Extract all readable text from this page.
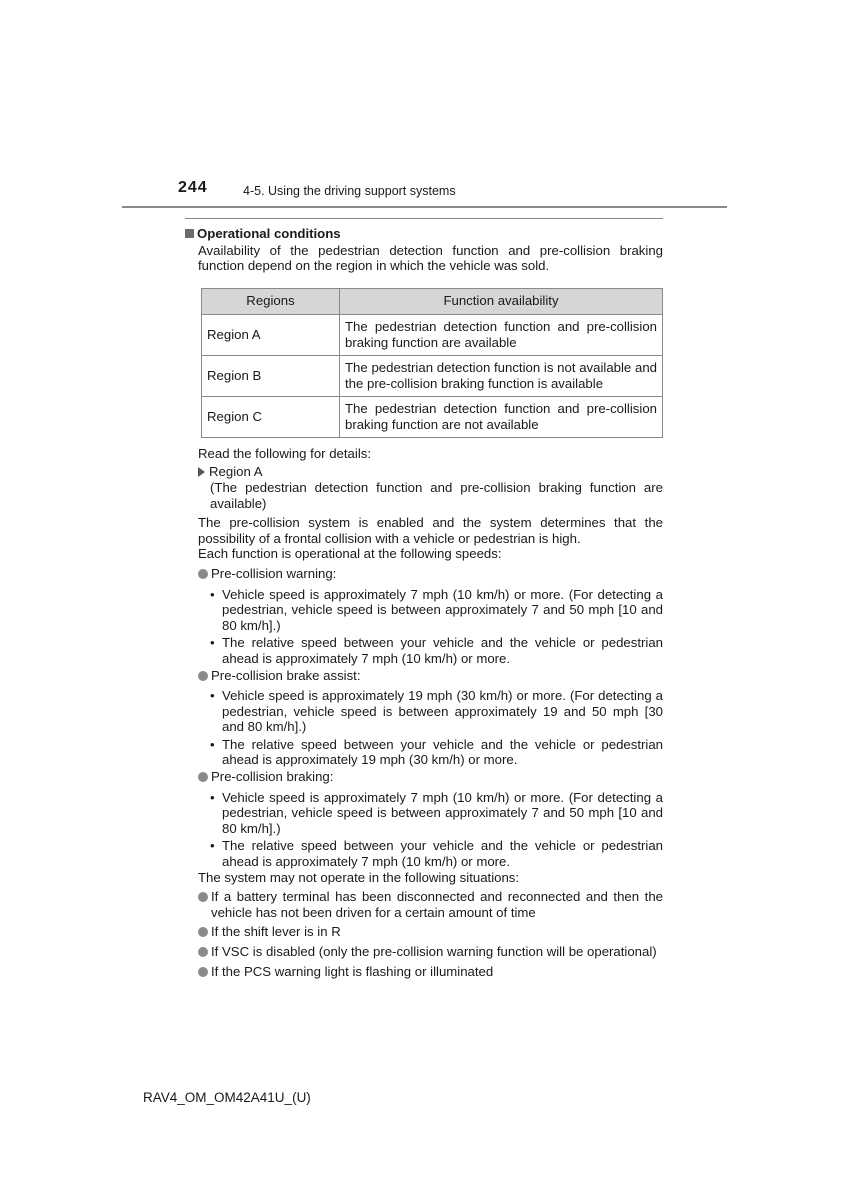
244	4-5. Using the driving support systems
Operational conditions
Availability of the pedestrian detection function and pre-collision braking function depend on the region in which the vehicle was sold.
Regions	Function availability
Region A	The pedestrian detection function and pre-collision braking function are available
Region B	The pedestrian detection function is not available and the pre-collision braking function is available
Region C	The pedestrian detection function and pre-collision braking function are not available
Read the following for details:
Region A
(The pedestrian detection function and pre-collision braking function are available)
The pre-collision system is enabled and the system determines that the possibility of a frontal collision with a vehicle or pedestrian is high.
Each function is operational at the following speeds:
Pre-collision warning:
• Vehicle speed is approximately 7 mph (10 km/h) or more. (For detecting a pedestrian, vehicle speed is between approximately 7 and 50 mph [10 and 80 km/h].)
• The relative speed between your vehicle and the vehicle or pedestrian ahead is approximately 7 mph (10 km/h) or more.
Pre-collision brake assist:
• Vehicle speed is approximately 19 mph (30 km/h) or more. (For detecting a pedestrian, vehicle speed is between approximately 19 and 50 mph [30 and 80 km/h].)
• The relative speed between your vehicle and the vehicle or pedestrian ahead is approximately 19 mph (30 km/h) or more.
Pre-collision braking:
• Vehicle speed is approximately 7 mph (10 km/h) or more. (For detecting a pedestrian, vehicle speed is between approximately 7 and 50 mph [10 and 80 km/h].)
• The relative speed between your vehicle and the vehicle or pedestrian ahead is approximately 7 mph (10 km/h) or more.
The system may not operate in the following situations:
If a battery terminal has been disconnected and reconnected and then the vehicle has not been driven for a certain amount of time
If the shift lever is in R
If VSC is disabled (only the pre-collision warning function will be operational)
If the PCS warning light is flashing or illuminated
RAV4_OM_OM42A41U_(U)
